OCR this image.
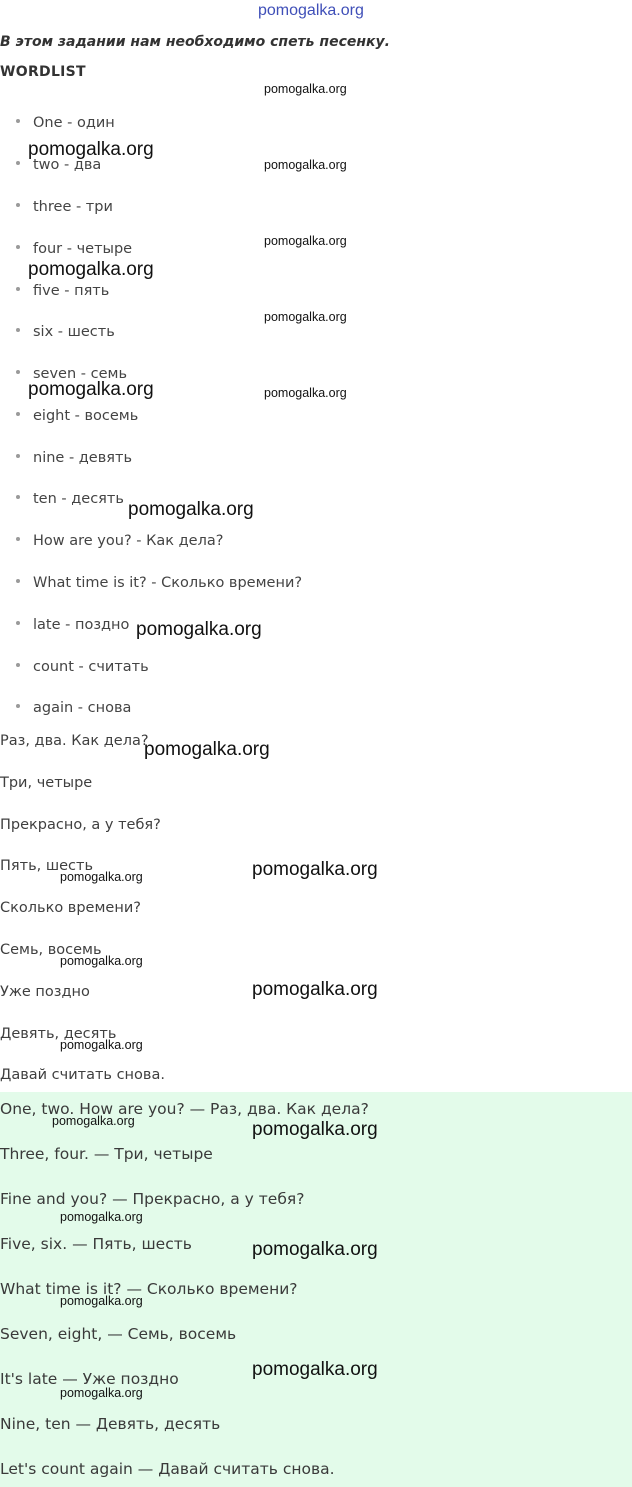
pomogalka.org
В этом задании нам необходимо спеть песенку.
WORDLIST
One - один
two - два
three - три
four - четыре
five - пять
six - шесть
seven - семь
eight - восемь
nine - девять
ten - десять
How are you? - Как дела?
What time is it? - Сколько времени?
late - поздно
count - считать
again - снова
Раз, два. Как дела?
Три, четыре
Прекрасно, а у тебя?
Пять, шесть
Сколько времени?
Семь, восемь
Уже поздно
Девять, десять
Давай считать снова.
One, two. How are you? — Раз, два. Как дела?
Three, four. — Три, четыре
Fine and you? — Прекрасно, а у тебя?
Five, six. — Пять, шесть
What time is it? — Сколько времени?
Seven, eight, — Семь, восемь
It's late — Уже поздно
Nine, ten — Девять, десять
Let's count again — Давай считать снова.
pomogalka.org
pomogalka.org
pomogalka.org
pomogalka.org
pomogalka.org
pomogalka.org
pomogalka.org
pomogalka.org
pomogalka.org
pomogalka.org
pomogalka.org
pomogalka.org
pomogalka.org
pomogalka.org
pomogalka.org
pomogalka.org
pomogalka.org
pomogalka.org
pomogalka.org
pomogalka.org
pomogalka.org
pomogalka.org
pomogalka.org
